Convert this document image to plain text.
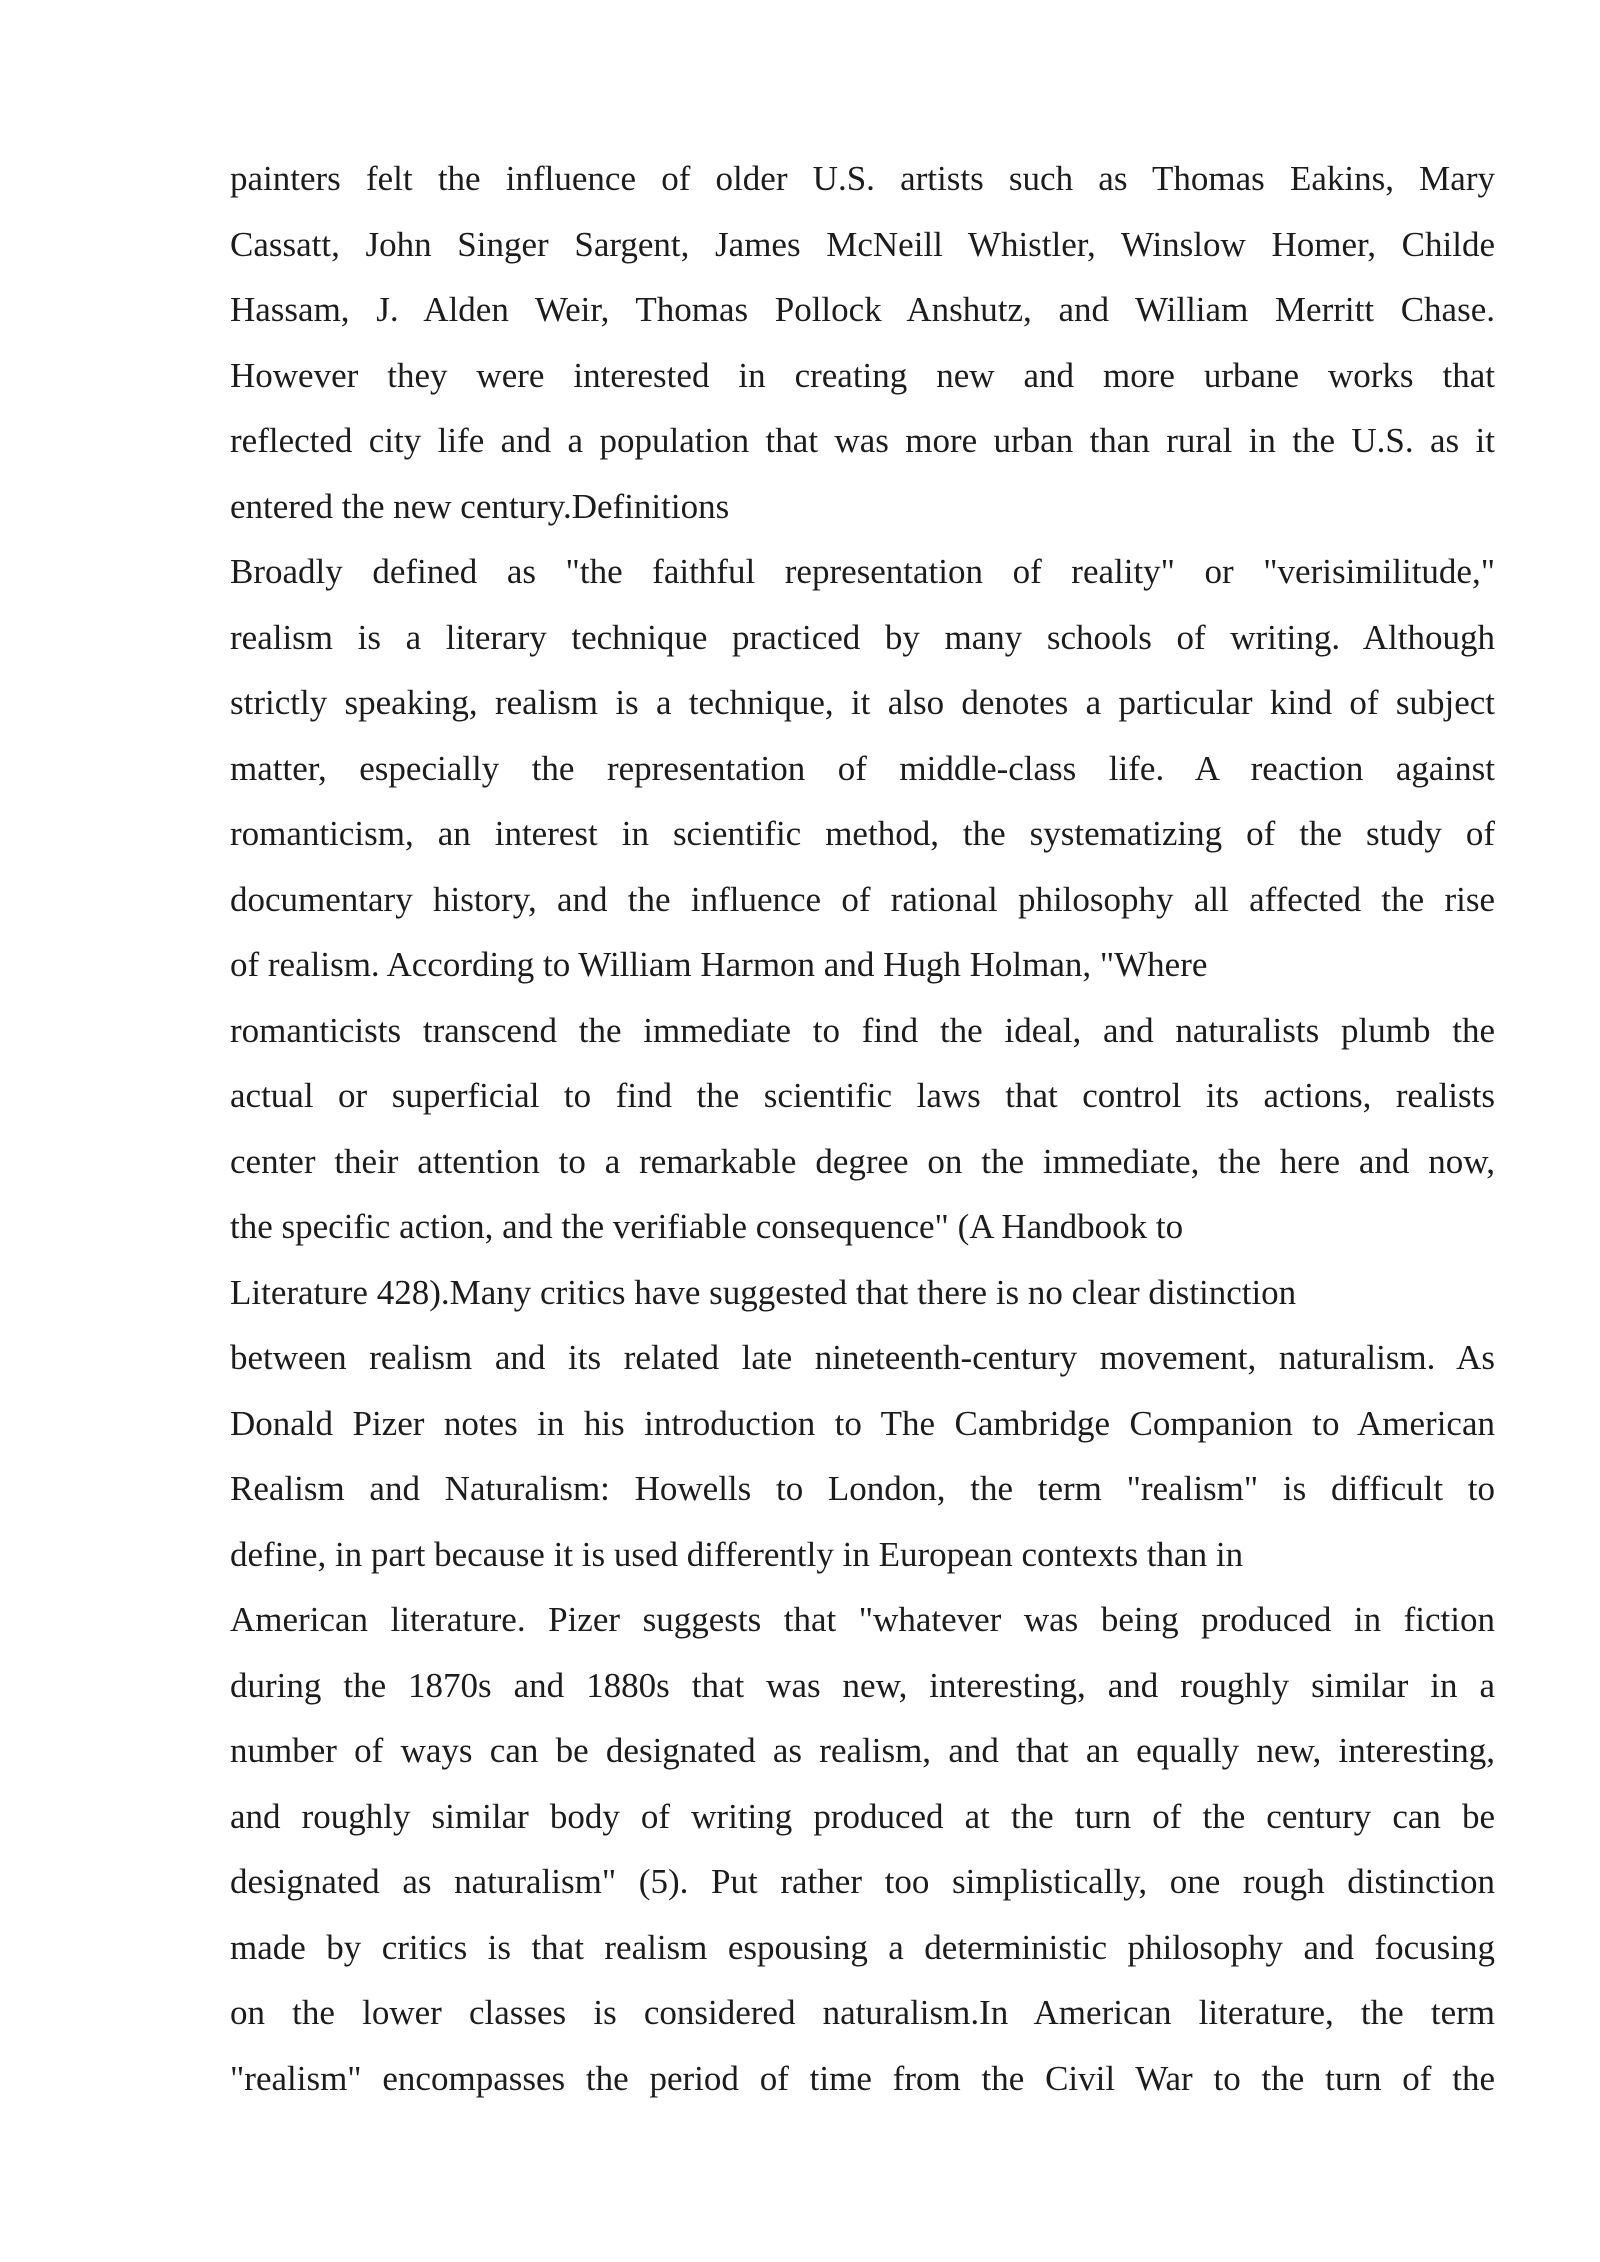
painters felt the influence of older U.S. artists such as Thomas Eakins, Mary
Cassatt, John Singer Sargent, James McNeill Whistler, Winslow Homer, Childe
Hassam, J. Alden Weir, Thomas Pollock Anshutz, and William Merritt Chase.
However they were interested in creating new and more urbane works that
reflected city life and a population that was more urban than rural in the U.S. as it
entered the new century.Definitions
Broadly defined as "the faithful representation of reality" or "verisimilitude,"
realism is a literary technique practiced by many schools of writing. Although
strictly speaking, realism is a technique, it also denotes a particular kind of subject
matter, especially the representation of middle-class life. A reaction against
romanticism, an interest in scientific method, the systematizing of the study of
documentary history, and the influence of rational philosophy all affected the rise
of realism. According to William Harmon and Hugh Holman, "Where
romanticists transcend the immediate to find the ideal, and naturalists plumb the
actual or superficial to find the scientific laws that control its actions, realists
center their attention to a remarkable degree on the immediate, the here and now,
the specific action, and the verifiable consequence" (A Handbook to
Literature 428).Many critics have suggested that there is no clear distinction
between realism and its related late nineteenth-century movement, naturalism. As
Donald Pizer notes in his introduction to The Cambridge Companion to American
Realism and Naturalism: Howells to London, the term "realism" is difficult to
define, in part because it is used differently in European contexts than in
American literature. Pizer suggests that "whatever was being produced in fiction
during the 1870s and 1880s that was new, interesting, and roughly similar in a
number of ways can be designated as realism, and that an equally new, interesting,
and roughly similar body of writing produced at the turn of the century can be
designated as naturalism" (5). Put rather too simplistically, one rough distinction
made by critics is that realism espousing a deterministic philosophy and focusing
on the lower classes is considered naturalism.In American literature, the term
"realism" encompasses the period of time from the Civil War to the turn of the
